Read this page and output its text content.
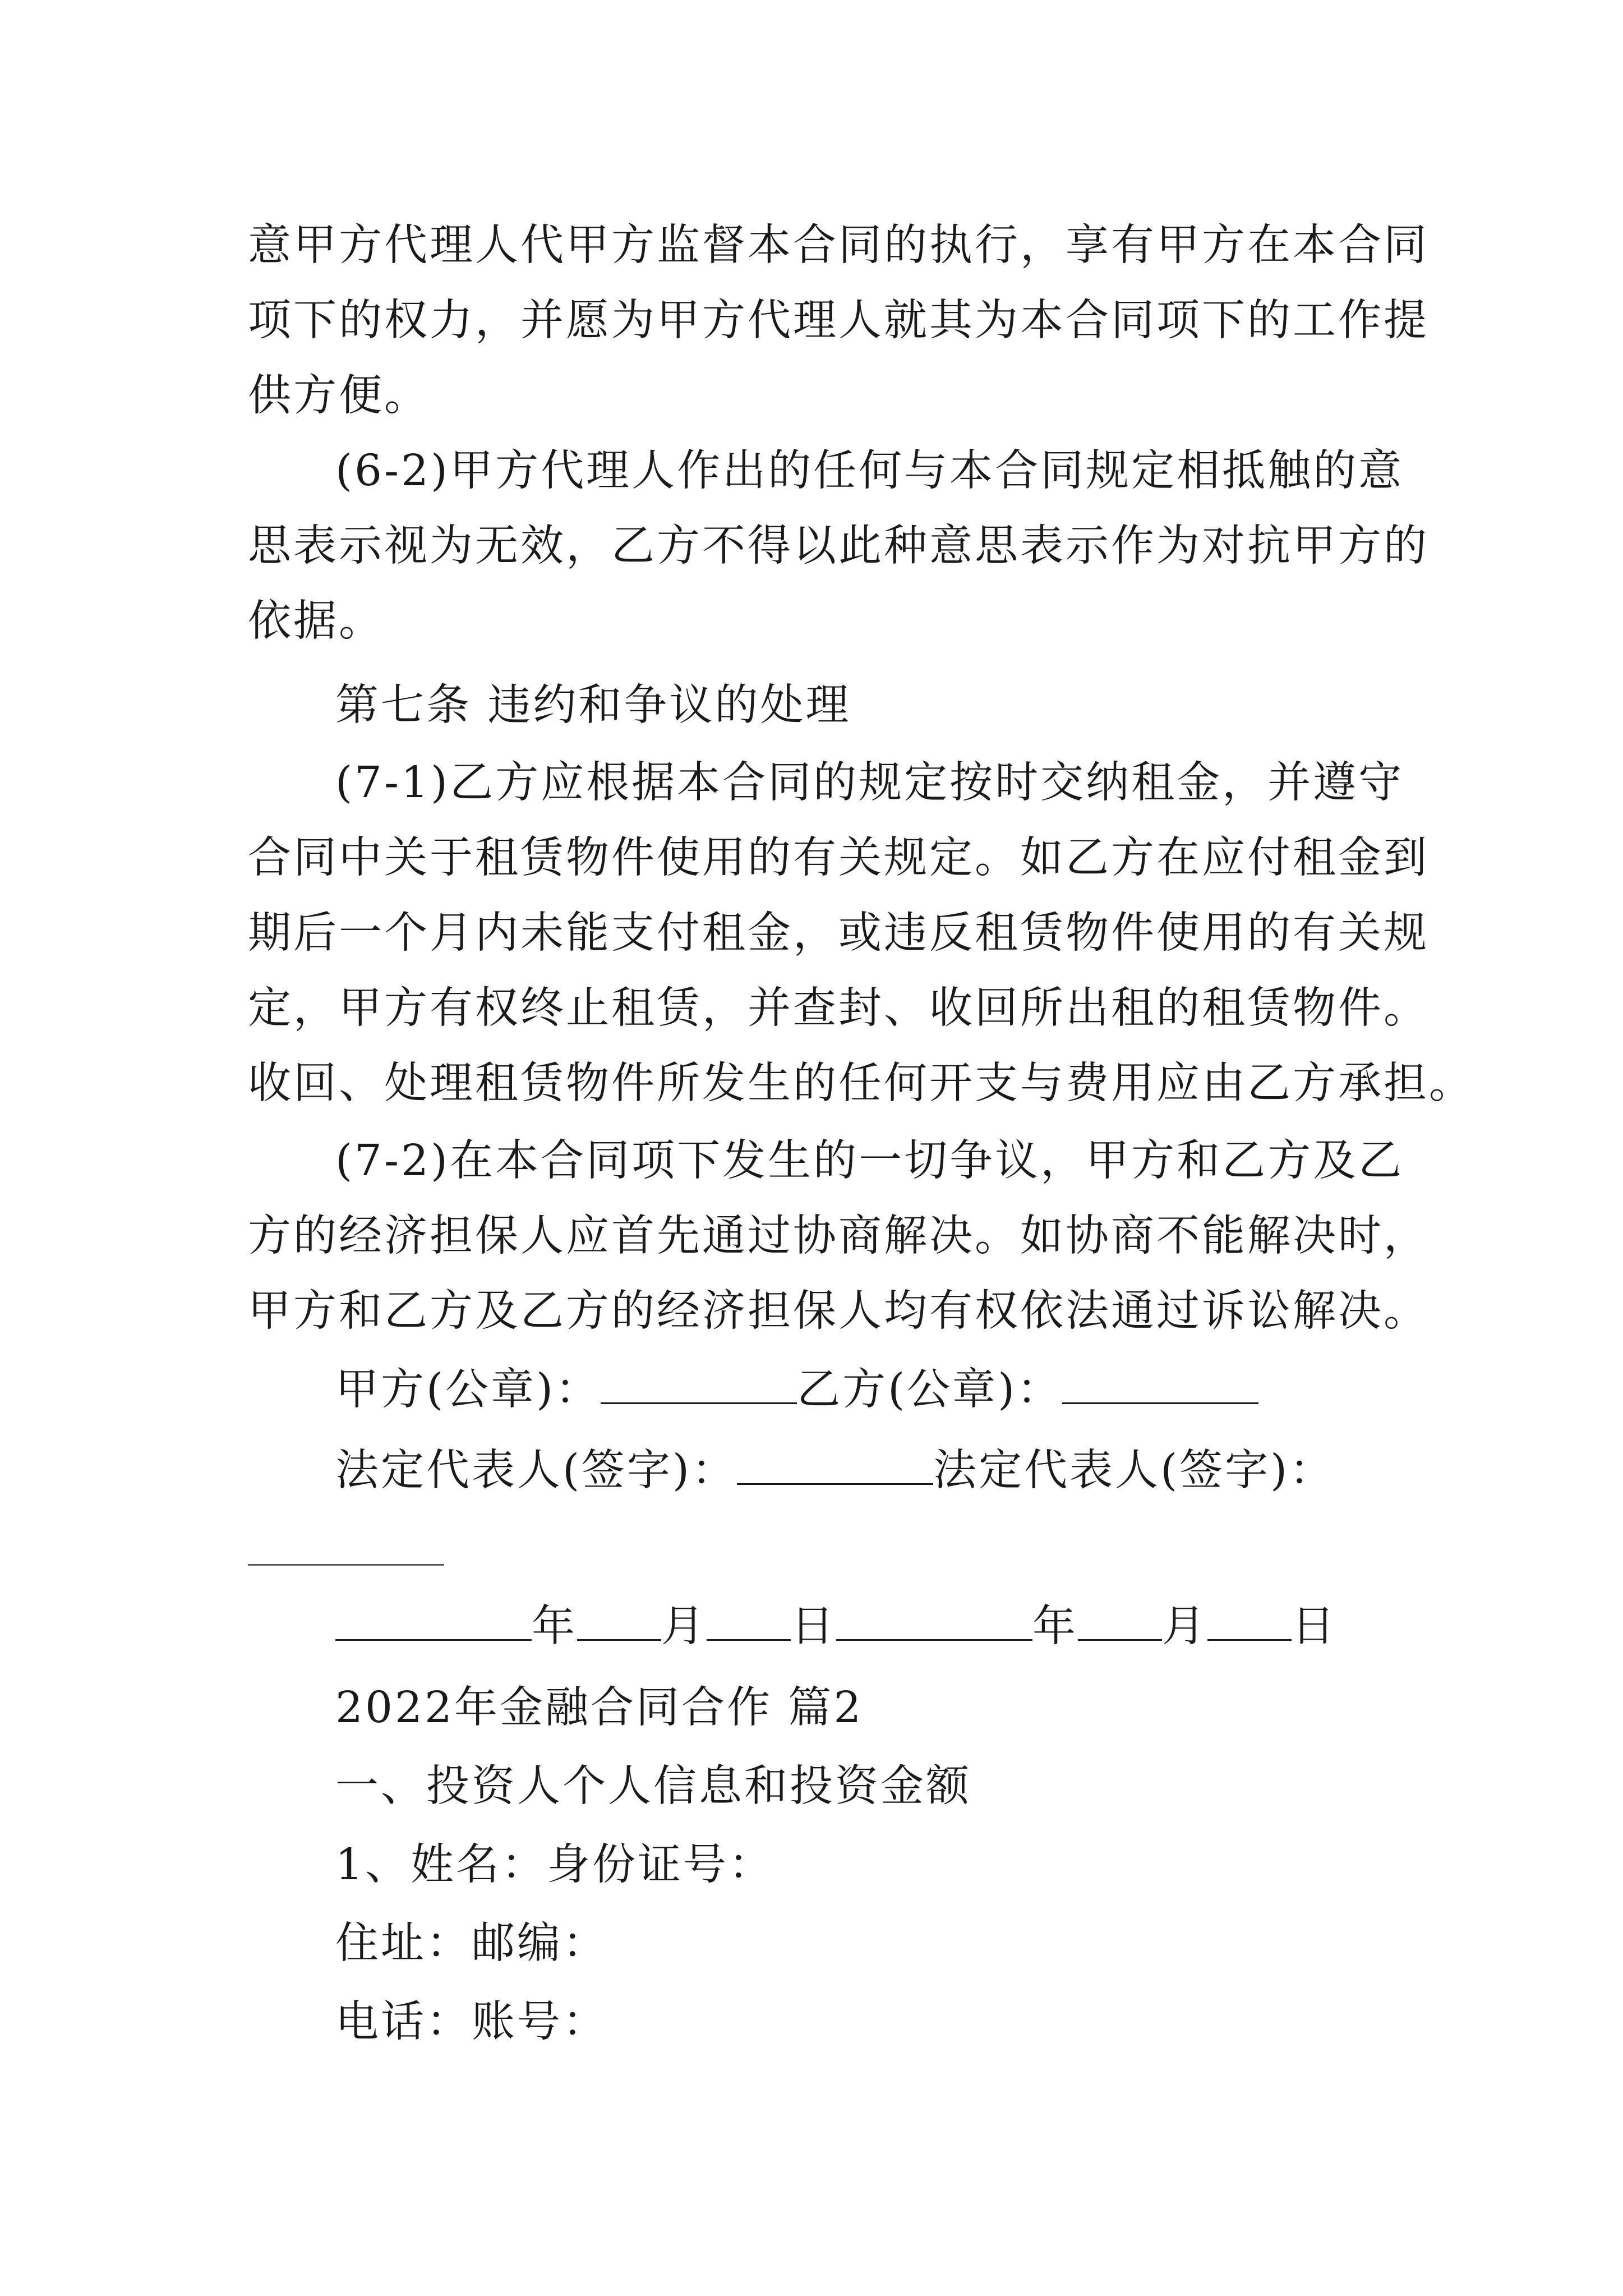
意甲方代理人代甲方监督本合同的执行，享有甲方在本合同
项下的权力，并愿为甲方代理人就其为本合同项下的工作提
供方便。
(6-2)甲方代理人作出的任何与本合同规定相抵触的意
思表示视为无效，乙方不得以此种意思表示作为对抗甲方的
依据。
第七条 违约和争议的处理
(7-1)乙方应根据本合同的规定按时交纳租金，并遵守
合同中关于租赁物件使用的有关规定。如乙方在应付租金到
期后一个月内未能支付租金，或违反租赁物件使用的有关规
定，甲方有权终止租赁，并查封、收回所出租的租赁物件。
收回、处理租赁物件所发生的任何开支与费用应由乙方承担。
(7-2)在本合同项下发生的一切争议，甲方和乙方及乙
方的经济担保人应首先通过协商解决。如协商不能解决时，
甲方和乙方及乙方的经济担保人均有权依法通过诉讼解决。
甲方(公章)：	乙方(公章)：
法定代表人(签字)：	法定代表人(签字)：
年 月 日	年 月 日
2022年金融合同合作 篇2
一、投资人个人信息和投资金额
1、姓名：身份证号：
住址：邮编：
电话：账号：
